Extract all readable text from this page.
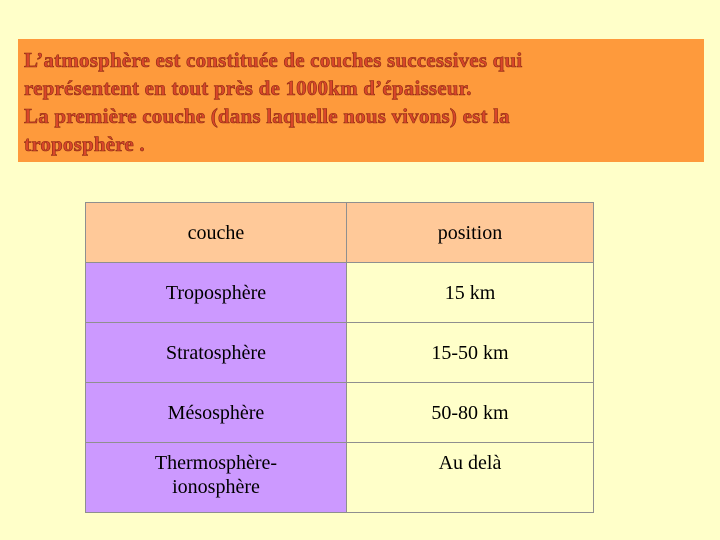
L’atmosphère est constituée de couches successives qui
représentent en tout près de 1000km d’épaisseur.
La première couche (dans laquelle nous vivons) est la
troposphère .

couche	position
Troposphère	15 km
Stratosphère	15-50 km
Mésosphère	50-80 km
Thermosphère-
ionosphère	Au delà
